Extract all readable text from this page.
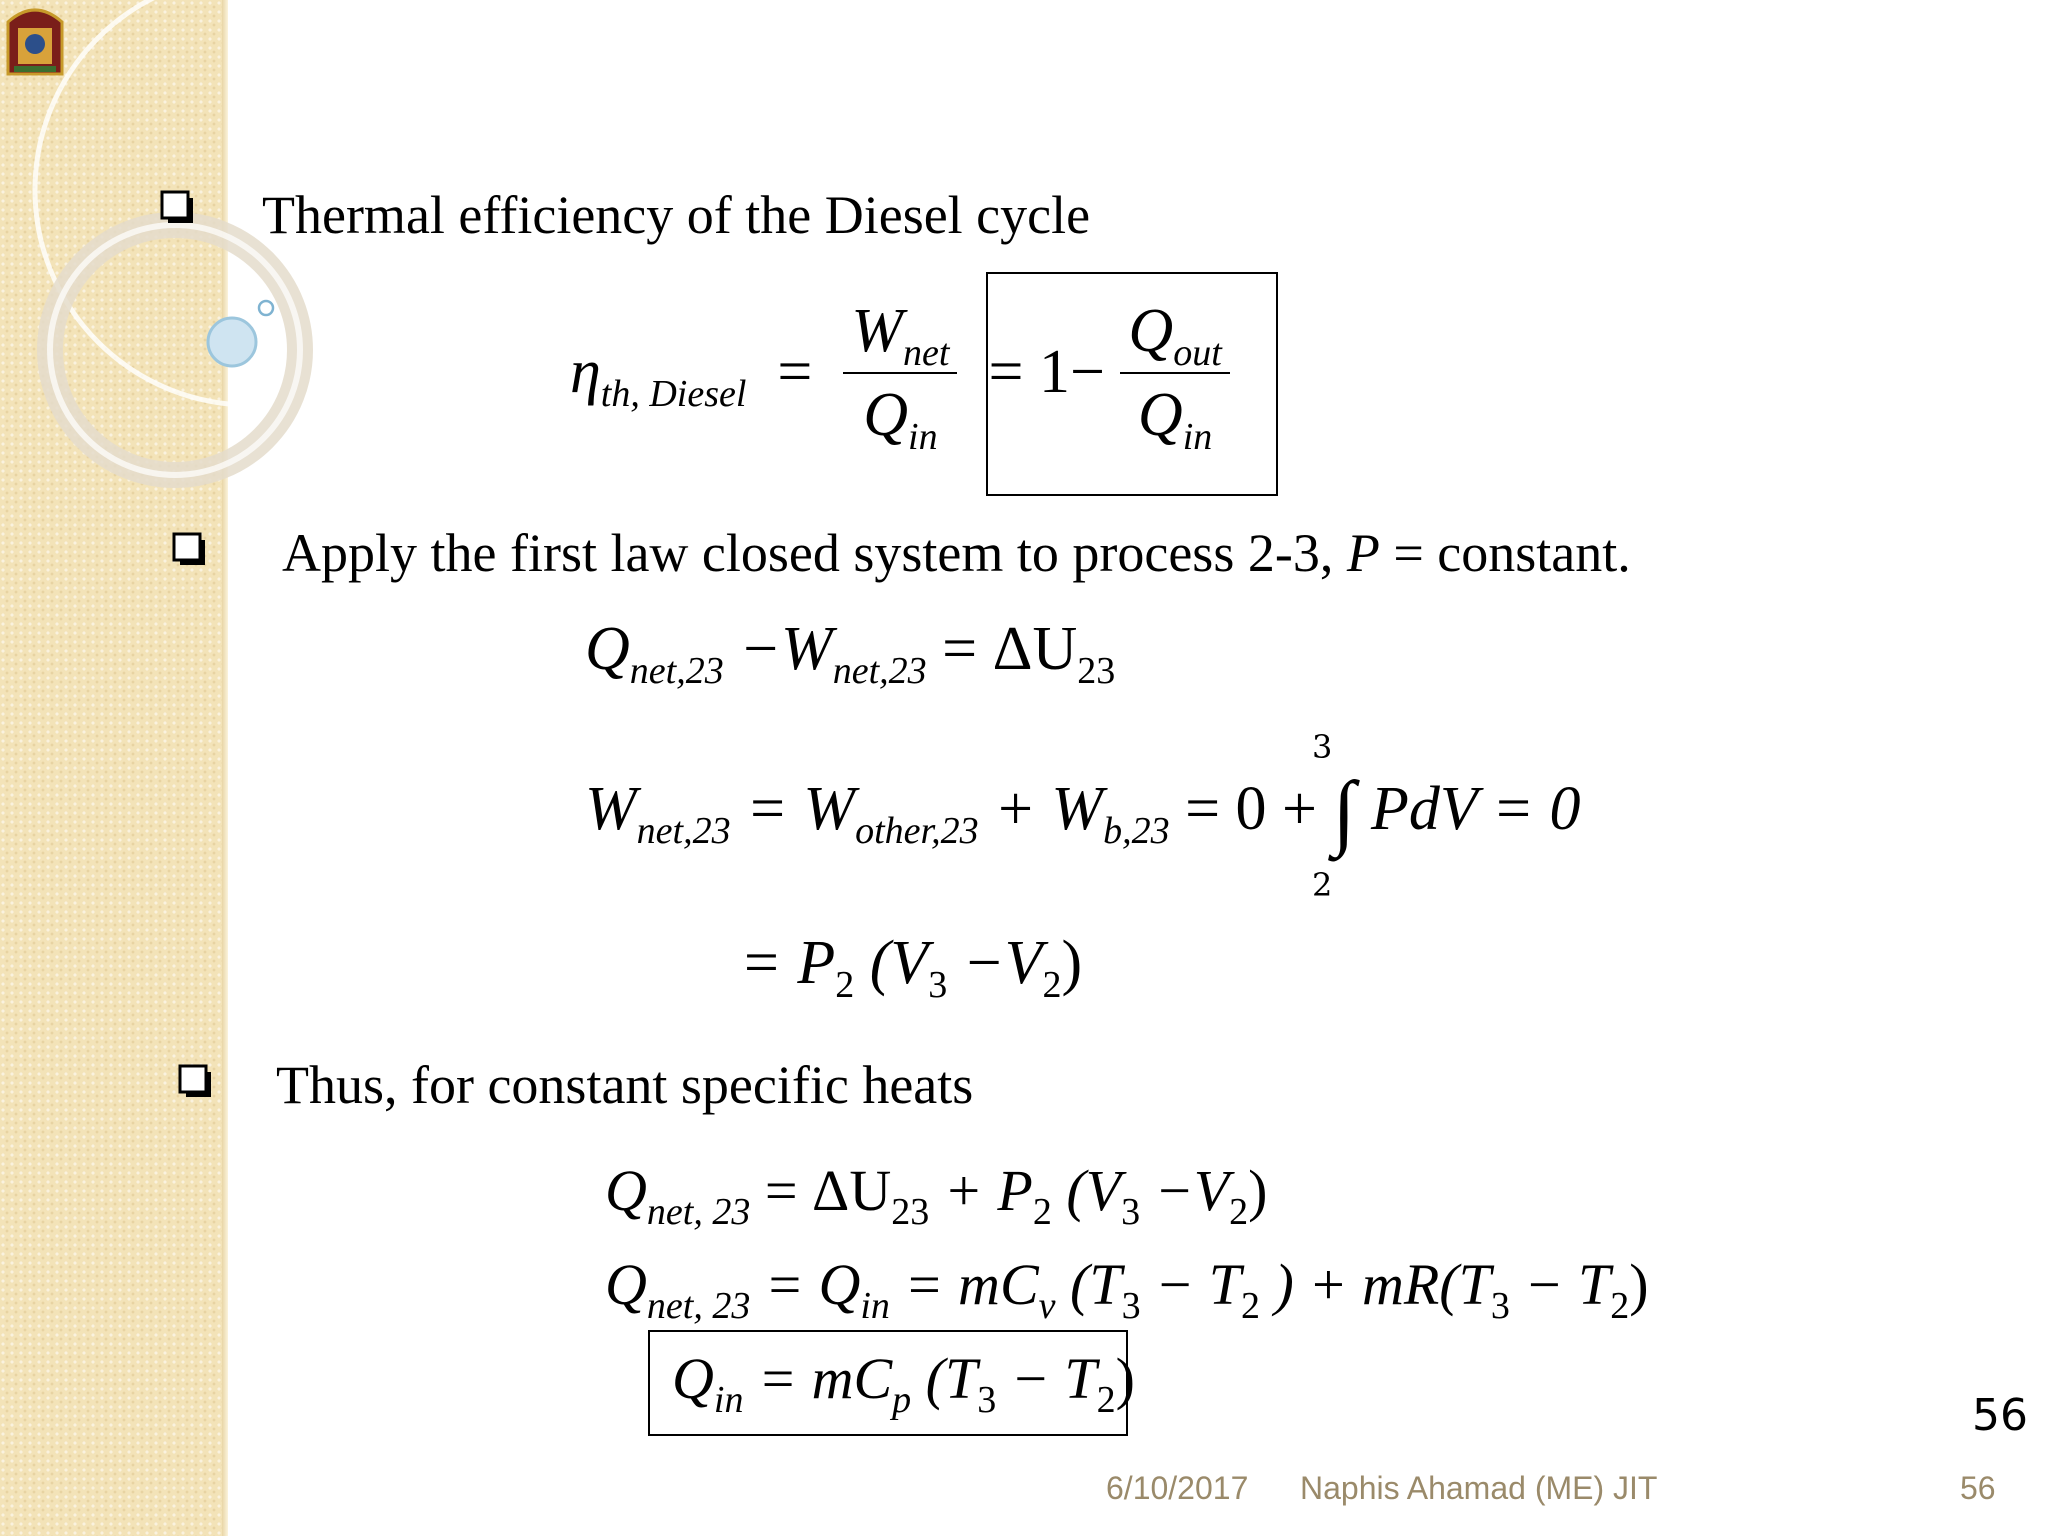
Thermal efficiency of the Diesel cycle
$\eta_{th, Diesel} = \frac{W_{net}}{Q_{in}} = 1- \frac{Q_{out}}{Q_{in}}$
Apply the first law closed system to process 2-3, P = constant.
$Q_{net,23} -W_{net,23} = \Delta U_{23}$
$W_{net,23} = W_{other,23} + W_{b,23} = 0$ + ∫ PdV = 0
3
2
= $P_2$ $(V_3 -V_2)$
Thus, for constant specific heats
$Q_{net, 23} = \Delta U_{23} + P_2$ $(V_3 -V_2)$
$Q_{net, 23} = Q_{in} = mC_v$ ($T_3 - T_2$ ) + $mR(T_3 - T_2)$
$Q_{in} = mC_p$ $(T_3 - T_2)$
56
6/10/2017 Naphis Ahamad (ME) JIT	56
